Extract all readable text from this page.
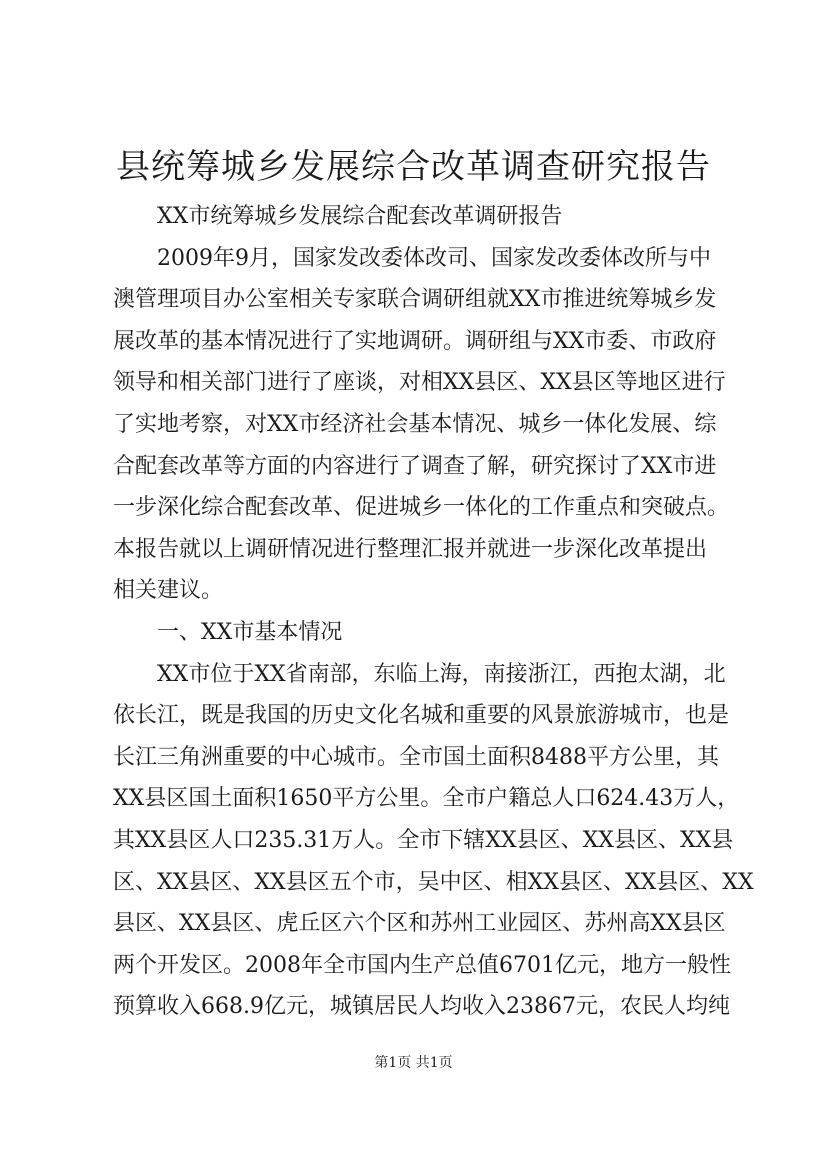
县统筹城乡发展综合改革调查研究报告

　　XX市统筹城乡发展综合配套改革调研报告

　　2009年9月，国家发改委体改司、国家发改委体改所与中

澳管理项目办公室相关专家联合调研组就XX市推进统筹城乡发

展改革的基本情况进行了实地调研。调研组与XX市委、市政府

领导和相关部门进行了座谈，对相XX县区、XX县区等地区进行

了实地考察，对XX市经济社会基本情况、城乡一体化发展、综

合配套改革等方面的内容进行了调查了解，研究探讨了XX市进

一步深化综合配套改革、促进城乡一体化的工作重点和突破点。

本报告就以上调研情况进行整理汇报并就进一步深化改革提出

相关建议。

　　一、XX市基本情况

　　XX市位于XX省南部，东临上海，南接浙江，西抱太湖，北

依长江，既是我国的历史文化名城和重要的风景旅游城市，也是

长江三角洲重要的中心城市。全市国土面积8488平方公里，其

XX县区国土面积1650平方公里。全市户籍总人口624.43万人，

其XX县区人口235.31万人。全市下辖XX县区、XX县区、XX县

区、XX县区、XX县区五个市，吴中区、相XX县区、XX县区、XX

县区、XX县区、虎丘区六个区和苏州工业园区、苏州高XX县区

两个开发区。2008年全市国内生产总值6701亿元，地方一般性

预算收入668.9亿元，城镇居民人均收入23867元，农民人均纯

第1页 共1页
